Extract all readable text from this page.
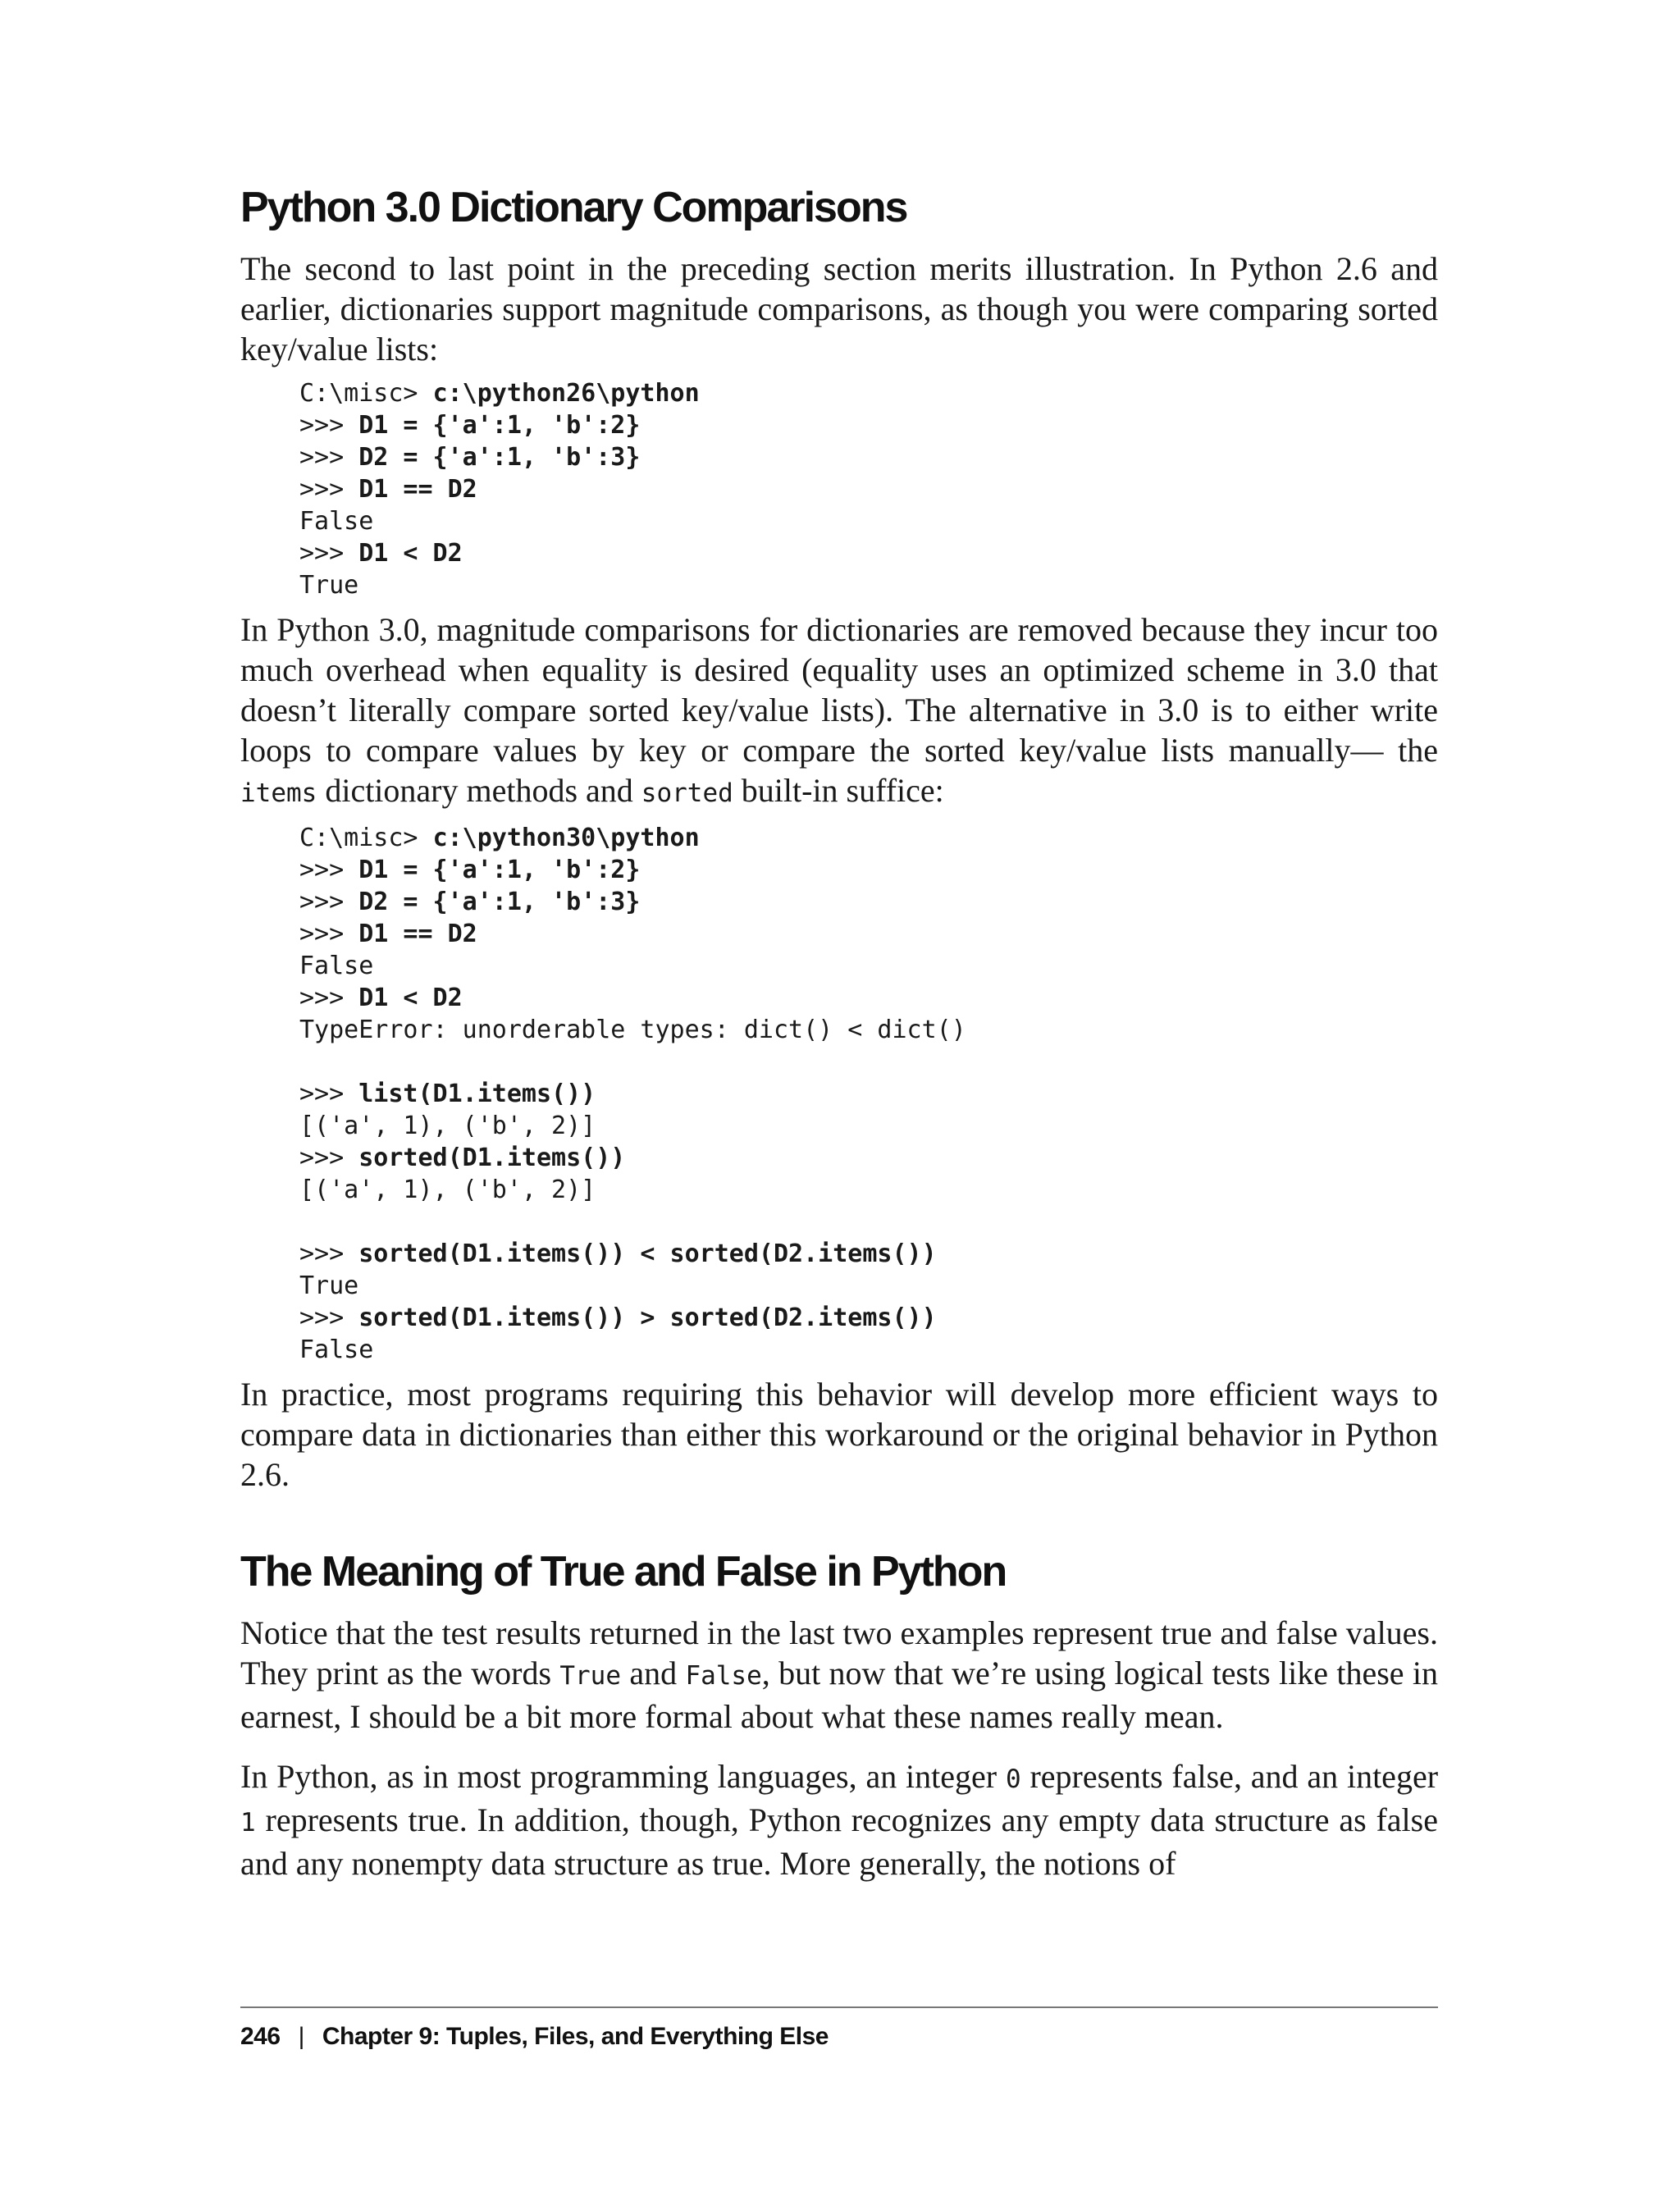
Python 3.0 Dictionary Comparisons

The second to last point in the preceding section merits illustration. In Python 2.6 and earlier, dictionaries support magnitude comparisons, as though you were comparing sorted key/value lists:

C:\misc> c:\python26\python
>>> D1 = {'a':1, 'b':2}
>>> D2 = {'a':1, 'b':3}
>>> D1 == D2
False
>>> D1 < D2
True

In Python 3.0, magnitude comparisons for dictionaries are removed because they incur too much overhead when equality is desired (equality uses an optimized scheme in 3.0 that doesn’t literally compare sorted key/value lists). The alternative in 3.0 is to either write loops to compare values by key or compare the sorted key/value lists manually— the items dictionary methods and sorted built-in suffice:

C:\misc> c:\python30\python
>>> D1 = {'a':1, 'b':2}
>>> D2 = {'a':1, 'b':3}
>>> D1 == D2
False
>>> D1 < D2
TypeError: unorderable types: dict() < dict()
>>> list(D1.items())
[('a', 1), ('b', 2)]
>>> sorted(D1.items())
[('a', 1), ('b', 2)]
>>> sorted(D1.items()) < sorted(D2.items())
True
>>> sorted(D1.items()) > sorted(D2.items())
False

In practice, most programs requiring this behavior will develop more efficient ways to compare data in dictionaries than either this workaround or the original behavior in Python 2.6.

The Meaning of True and False in Python

Notice that the test results returned in the last two examples represent true and false values. They print as the words True and False, but now that we’re using logical tests like these in earnest, I should be a bit more formal about what these names really mean.

In Python, as in most programming languages, an integer 0 represents false, and an integer 1 represents true. In addition, though, Python recognizes any empty data structure as false and any nonempty data structure as true. More generally, the notions of

246 | Chapter 9: Tuples, Files, and Everything Else
